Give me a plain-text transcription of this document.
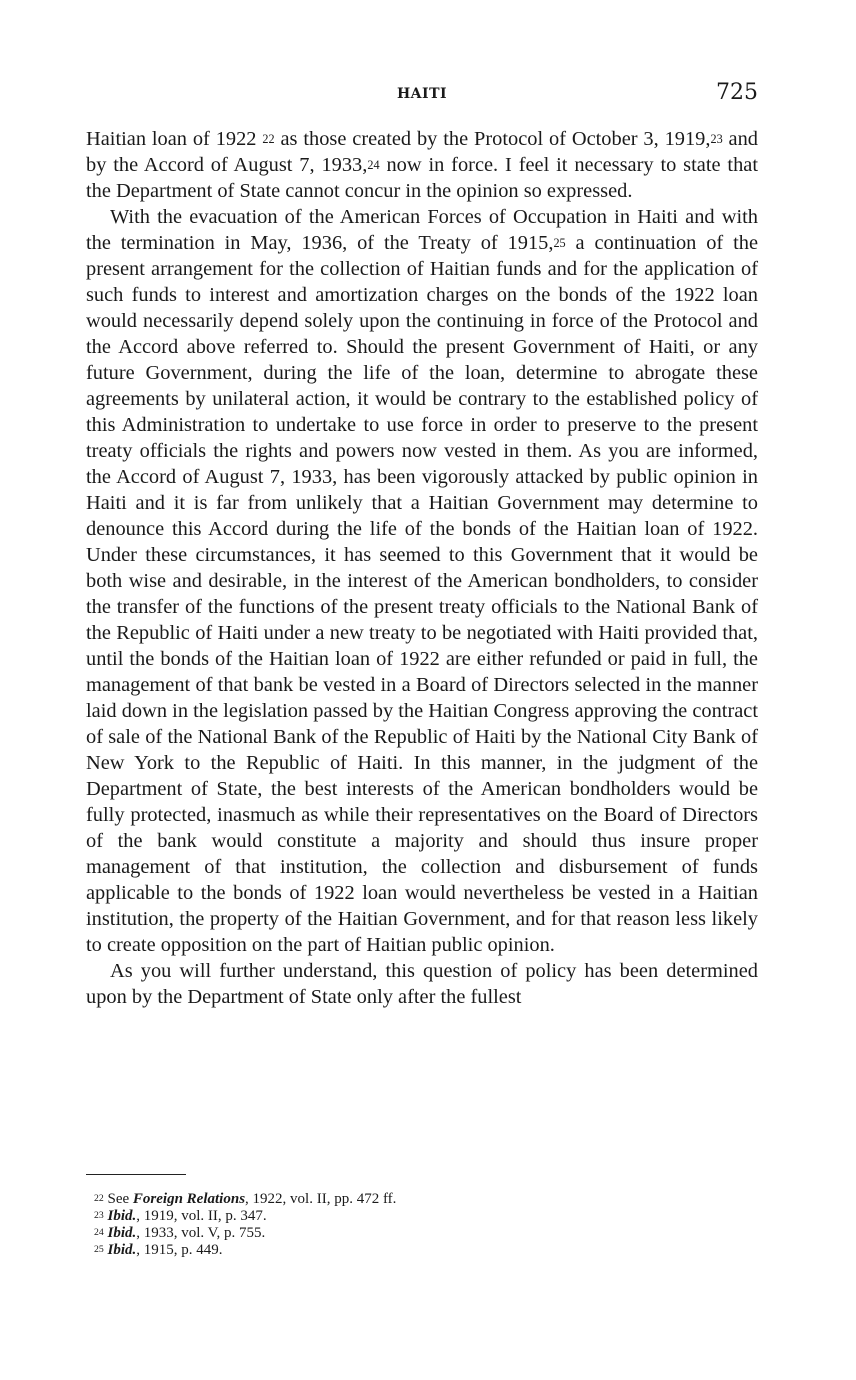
HAITI	725

Haitian loan of 1922 $^{22}$ as those created by the Protocol of October 3, 1919,23 and by the Accord of August 7, 1933,24 now in force. I feel it necessary to state that the Department of State cannot concur in the opinion so expressed.

With the evacuation of the American Forces of Occupation in Haiti and with the termination in May, 1936, of the Treaty of 1915,25 a continuation of the present arrangement for the collection of Haitian funds and for the application of such funds to interest and amortization charges on the bonds of the 1922 loan would necessarily depend solely upon the continuing in force of the Protocol and the Accord above referred to. Should the present Government of Haiti, or any future Government, during the life of the loan, determine to abrogate these agreements by unilateral action, it would be contrary to the established policy of this Administration to undertake to use force in order to preserve to the present treaty officials the rights and powers now vested in them. As you are informed, the Accord of August 7, 1933, has been vigorously attacked by public opinion in Haiti and it is far from unlikely that a Haitian Government may determine to denounce this Accord during the life of the bonds of the Haitian loan of 1922. Under these circumstances, it has seemed to this Government that it would be both wise and desirable, in the interest of the American bondholders, to consider the transfer of the functions of the present treaty officials to the National Bank of the Republic of Haiti under a new treaty to be negotiated with Haiti provided that, until the bonds of the Haitian loan of 1922 are either refunded or paid in full, the management of that bank be vested in a Board of Directors selected in the manner laid down in the legislation passed by the Haitian Congress approving the contract of sale of the National Bank of the Republic of Haiti by the National City Bank of New York to the Republic of Haiti. In this manner, in the judgment of the Department of State, the best interests of the American bondholders would be fully protected, inasmuch as while their representatives on the Board of Directors of the bank would constitute a majority and should thus insure proper management of that institution, the collection and disbursement of funds applicable to the bonds of 1922 loan would nevertheless be vested in a Haitian institution, the property of the Haitian Government, and for that reason less likely to create opposition on the part of Haitian public opinion.

As you will further understand, this question of policy has been determined upon by the Department of State only after the fullest

$^{22}$ See Foreign Relations, 1922, vol. II, pp. 472 ff.

$^{23}$ Ibid., 1919, vol. II, p. 347.

$^{24}$ Ibid., 1933, vol. V, p. 755.

$^{25}$ Ibid., 1915, p. 449.
